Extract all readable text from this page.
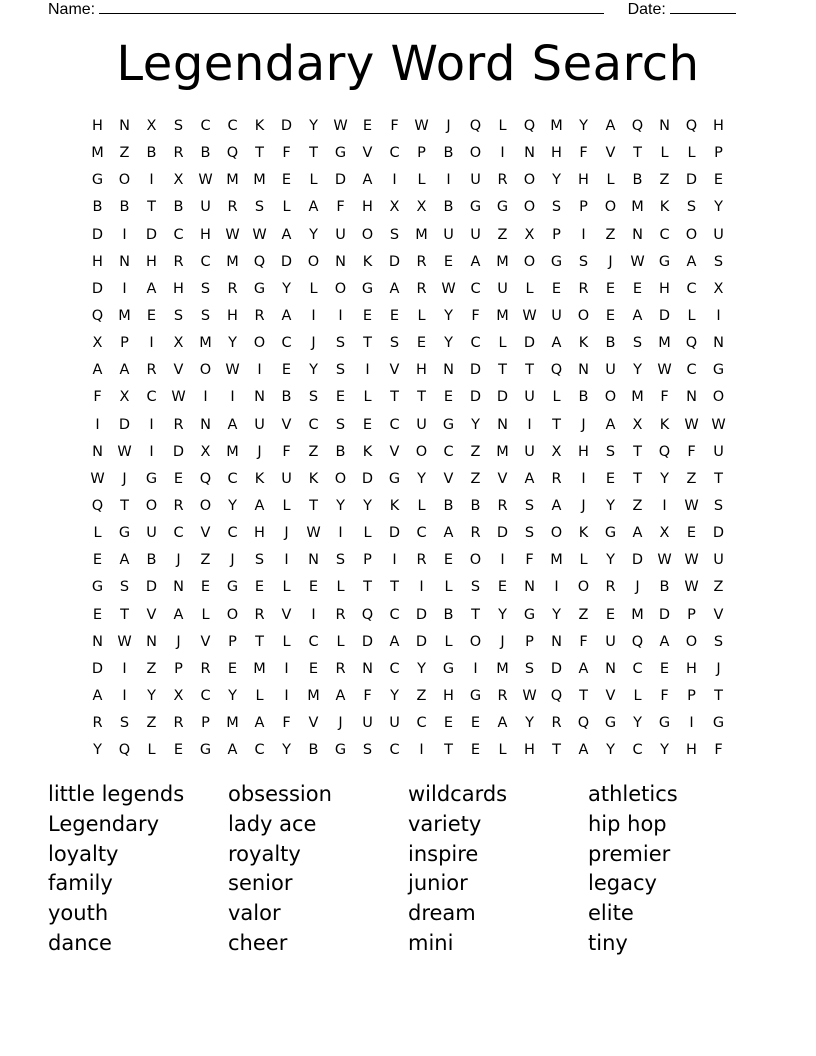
Name:	Date:
Legendary Word Search
H	N	X	S	C	C	K	D	Y	W	E	F	W	J	Q	L	Q	M	Y	A	Q	N	Q	H
M	Z	B	R	B	Q	T	F	T	G	V	C	P	B	O	I	N	H	F	V	T	L	L	P
G	O	I	X	W M M	E	L	D	A	I	L	I	U	R	O	Y	H	L	B	Z	D	E
B	B	T	B	U	R	S	L	A	F	H	X	X	B	G	G	O	S	P	O	M	K	S	Y
D	I	D	C	H W W	A	Y	U	O	S	M	U	U	Z	X	P	I	Z	N	C	O	U
H	N	H	R	C	M	Q	D	O	N	K	D	R	E	A	M	O	G	S	J	W G	A	S
D	I	A	H	S	R	G	Y	L	O	G	A	R	W	C	U	L	E	R	E	E	H	C	X
Q	M	E	S	S	H	R	A	I	I	E	E	L	Y	F	M W	U	O	E	A	D	L	I
X	P	I	X	M	Y	O	C	J	S	T	S	E	Y	C	L	D	A	K	B	S	M	Q	N
A	A	R	V	O W	I	E	Y	S	I	V	H	N	D	T	T	Q	N	U	Y	W	C	G
F	X	C	W	I	I	N	B	S	E	L	T	T	E	D	D	U	L	B	O	M	F	N	O
I	D	I	R	N	A	U	V	C	S	E	C	U	G	Y	N	I	T	J	A	X	K	W W
N W	I	D	X	M	J	F	Z	B	K	V	O	C	Z	M	U	X	H	S	T	Q	F	U
W	J	G	E	Q	C	K	U	K	O	D	G	Y	V	Z	V	A	R	I	E	T	Y	Z	T
Q	T	O	R	O	Y	A	L	T	Y	Y	K	L	B	B	R	S	A	J	Y	Z	I	W	S
L	G	U	C	V	C	H	J	W	I	L	D	C	A	R	D	S	O	K	G	A	X	E	D
E	A	B	J	Z	J	S	I	N	S	P	I	R	E	O	I	F	M	L	Y	D W W	U
G	S	D	N	E	G	E	L	E	L	T	T	I	L	S	E	N	I	O	R	J	B	W	Z
E	T	V	A	L	O	R	V	I	R	Q	C	D	B	T	Y	G	Y	Z	E	M	D	P	V
N W N	J	V	P	T	L	C	L	D	A	D	L	O	J	P	N	F	U	Q	A	O	S
D	I	Z	P	R	E	M	I	E	R	N	C	Y	G	I	M	S	D	A	N	C	E	H	J
A	I	Y	X	C	Y	L	I	M	A	F	Y	Z	H	G	R	W Q	T	V	L	F	P	T
R	S	Z	R	P	M	A	F	V	J	U	U	C	E	E	A	Y	R	Q	G	Y	G	I	G
Y	Q	L	E	G	A	C	Y	B	G	S	C	I	T	E	L	H	T	A	Y	C	Y	H	F
little legends	obsession	wildcards	athletics
Legendary	lady ace	variety	hip hop
loyalty	royalty	inspire	premier
family	senior	junior	legacy
youth	valor	dream	elite
dance	cheer	mini	tiny
